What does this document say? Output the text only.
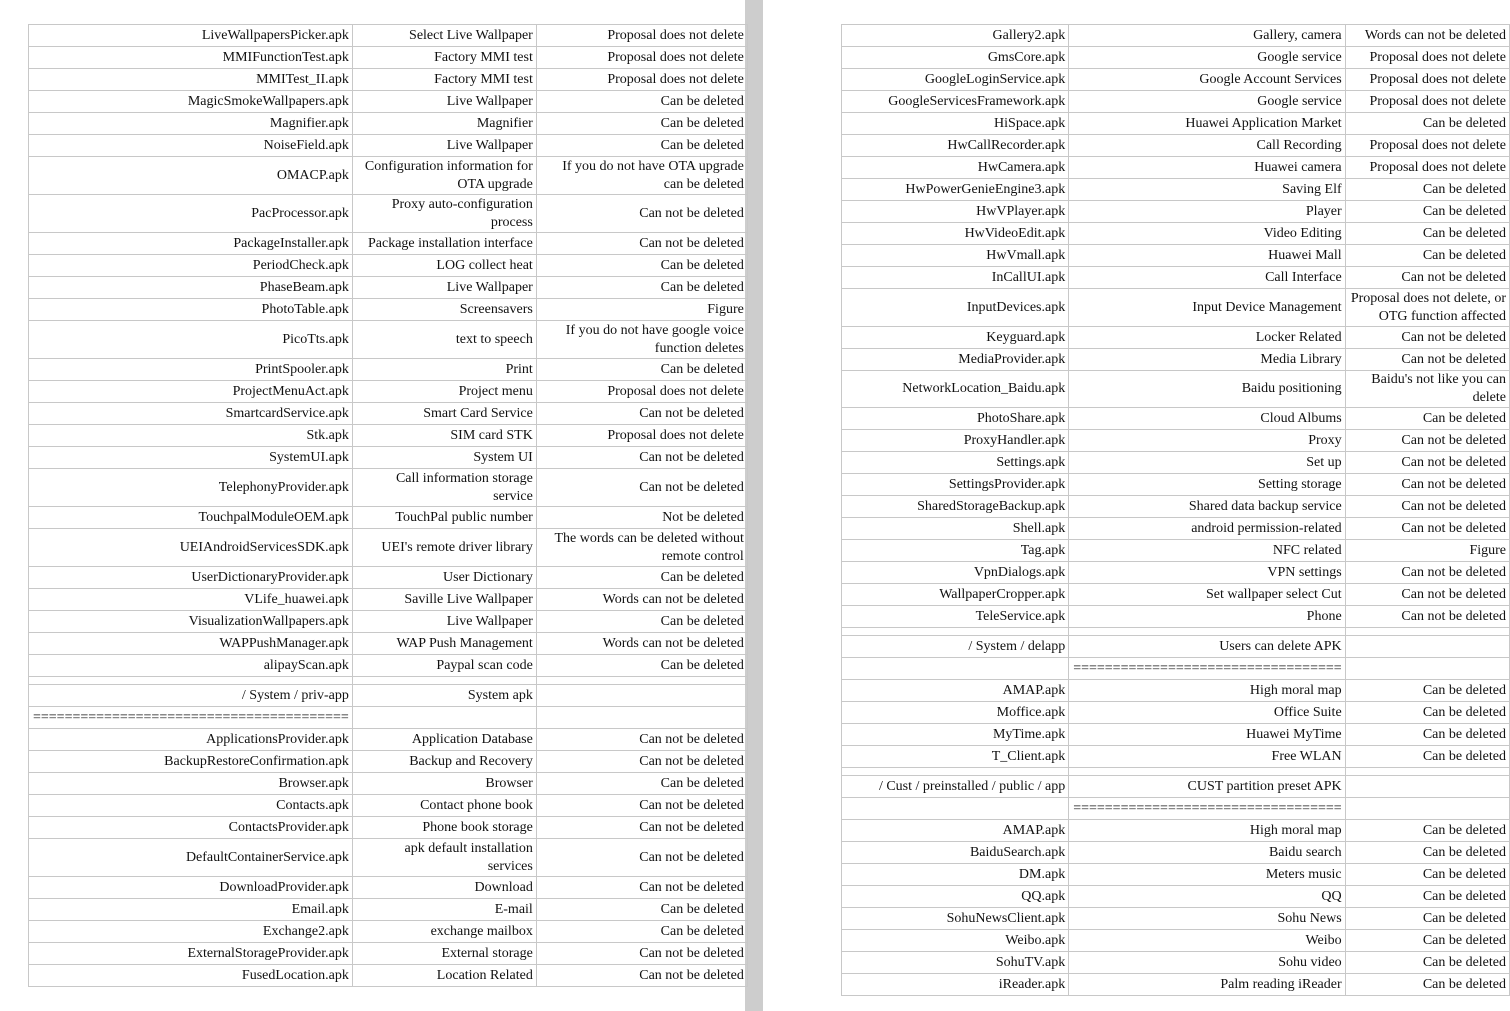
LiveWallpapersPicker.apk	Select Live Wallpaper	Proposal does not delete
MMIFunctionTest.apk	Factory MMI test	Proposal does not delete
MMITest_II.apk	Factory MMI test	Proposal does not delete
MagicSmokeWallpapers.apk	Live Wallpaper	Can be deleted
Magnifier.apk	Magnifier	Can be deleted
NoiseField.apk	Live Wallpaper	Can be deleted
OMACP.apk	Configuration information for OTA upgrade	If you do not have OTA upgrade can be deleted
PacProcessor.apk	Proxy auto-configuration process	Can not be deleted
PackageInstaller.apk	Package installation interface	Can not be deleted
PeriodCheck.apk	LOG collect heat	Can be deleted
PhaseBeam.apk	Live Wallpaper	Can be deleted
PhotoTable.apk	Screensavers	Figure
PicoTts.apk	text to speech	If you do not have google voice function deletes
PrintSpooler.apk	Print	Can be deleted
ProjectMenuAct.apk	Project menu	Proposal does not delete
SmartcardService.apk	Smart Card Service	Can not be deleted
Stk.apk	SIM card STK	Proposal does not delete
SystemUI.apk	System UI	Can not be deleted
TelephonyProvider.apk	Call information storage service	Can not be deleted
TouchpalModuleOEM.apk	TouchPal public number	Not be deleted
UEIAndroidServicesSDK.apk	UEI's remote driver library	The words can be deleted without remote control
UserDictionaryProvider.apk	User Dictionary	Can be deleted
VLife_huawei.apk	Saville Live Wallpaper	Words can not be deleted
VisualizationWallpapers.apk	Live Wallpaper	Can be deleted
WAPPushManager.apk	WAP Push Management	Words can not be deleted
alipayScan.apk	Paypal scan code	Can be deleted

/ System / priv-app	System apk	
========================================		
ApplicationsProvider.apk	Application Database	Can not be deleted
BackupRestoreConfirmation.apk	Backup and Recovery	Can not be deleted
Browser.apk	Browser	Can be deleted
Contacts.apk	Contact phone book	Can not be deleted
ContactsProvider.apk	Phone book storage	Can not be deleted
DefaultContainerService.apk	apk default installation services	Can not be deleted
DownloadProvider.apk	Download	Can not be deleted
Email.apk	E-mail	Can be deleted
Exchange2.apk	exchange mailbox	Can be deleted
ExternalStorageProvider.apk	External storage	Can not be deleted
FusedLocation.apk	Location Related	Can not be deleted
Gallery2.apk	Gallery, camera	Words can not be deleted
GmsCore.apk	Google service	Proposal does not delete
GoogleLoginService.apk	Google Account Services	Proposal does not delete
GoogleServicesFramework.apk	Google service	Proposal does not delete
HiSpace.apk	Huawei Application Market	Can be deleted
HwCallRecorder.apk	Call Recording	Proposal does not delete
HwCamera.apk	Huawei camera	Proposal does not delete
HwPowerGenieEngine3.apk	Saving Elf	Can be deleted
HwVPlayer.apk	Player	Can be deleted
HwVideoEdit.apk	Video Editing	Can be deleted
HwVmall.apk	Huawei Mall	Can be deleted
InCallUI.apk	Call Interface	Can not be deleted
InputDevices.apk	Input Device Management	Proposal does not delete, or OTG function affected
Keyguard.apk	Locker Related	Can not be deleted
MediaProvider.apk	Media Library	Can not be deleted
NetworkLocation_Baidu.apk	Baidu positioning	Baidu's not like you can delete
PhotoShare.apk	Cloud Albums	Can be deleted
ProxyHandler.apk	Proxy	Can not be deleted
Settings.apk	Set up	Can not be deleted
SettingsProvider.apk	Setting storage	Can not be deleted
SharedStorageBackup.apk	Shared data backup service	Can not be deleted
Shell.apk	android permission-related	Can not be deleted
Tag.apk	NFC related	Figure
VpnDialogs.apk	VPN settings	Can not be deleted
WallpaperCropper.apk	Set wallpaper select Cut	Can not be deleted
TeleService.apk	Phone	Can not be deleted

/ System / delapp	Users can delete APK	
	==================================	
AMAP.apk	High moral map	Can be deleted
Moffice.apk	Office Suite	Can be deleted
MyTime.apk	Huawei MyTime	Can be deleted
T_Client.apk	Free WLAN	Can be deleted

/ Cust / preinstalled / public / app	CUST partition preset APK	
	==================================	
AMAP.apk	High moral map	Can be deleted
BaiduSearch.apk	Baidu search	Can be deleted
DM.apk	Meters music	Can be deleted
QQ.apk	QQ	Can be deleted
SohuNewsClient.apk	Sohu News	Can be deleted
Weibo.apk	Weibo	Can be deleted
SohuTV.apk	Sohu video	Can be deleted
iReader.apk	Palm reading iReader	Can be deleted
